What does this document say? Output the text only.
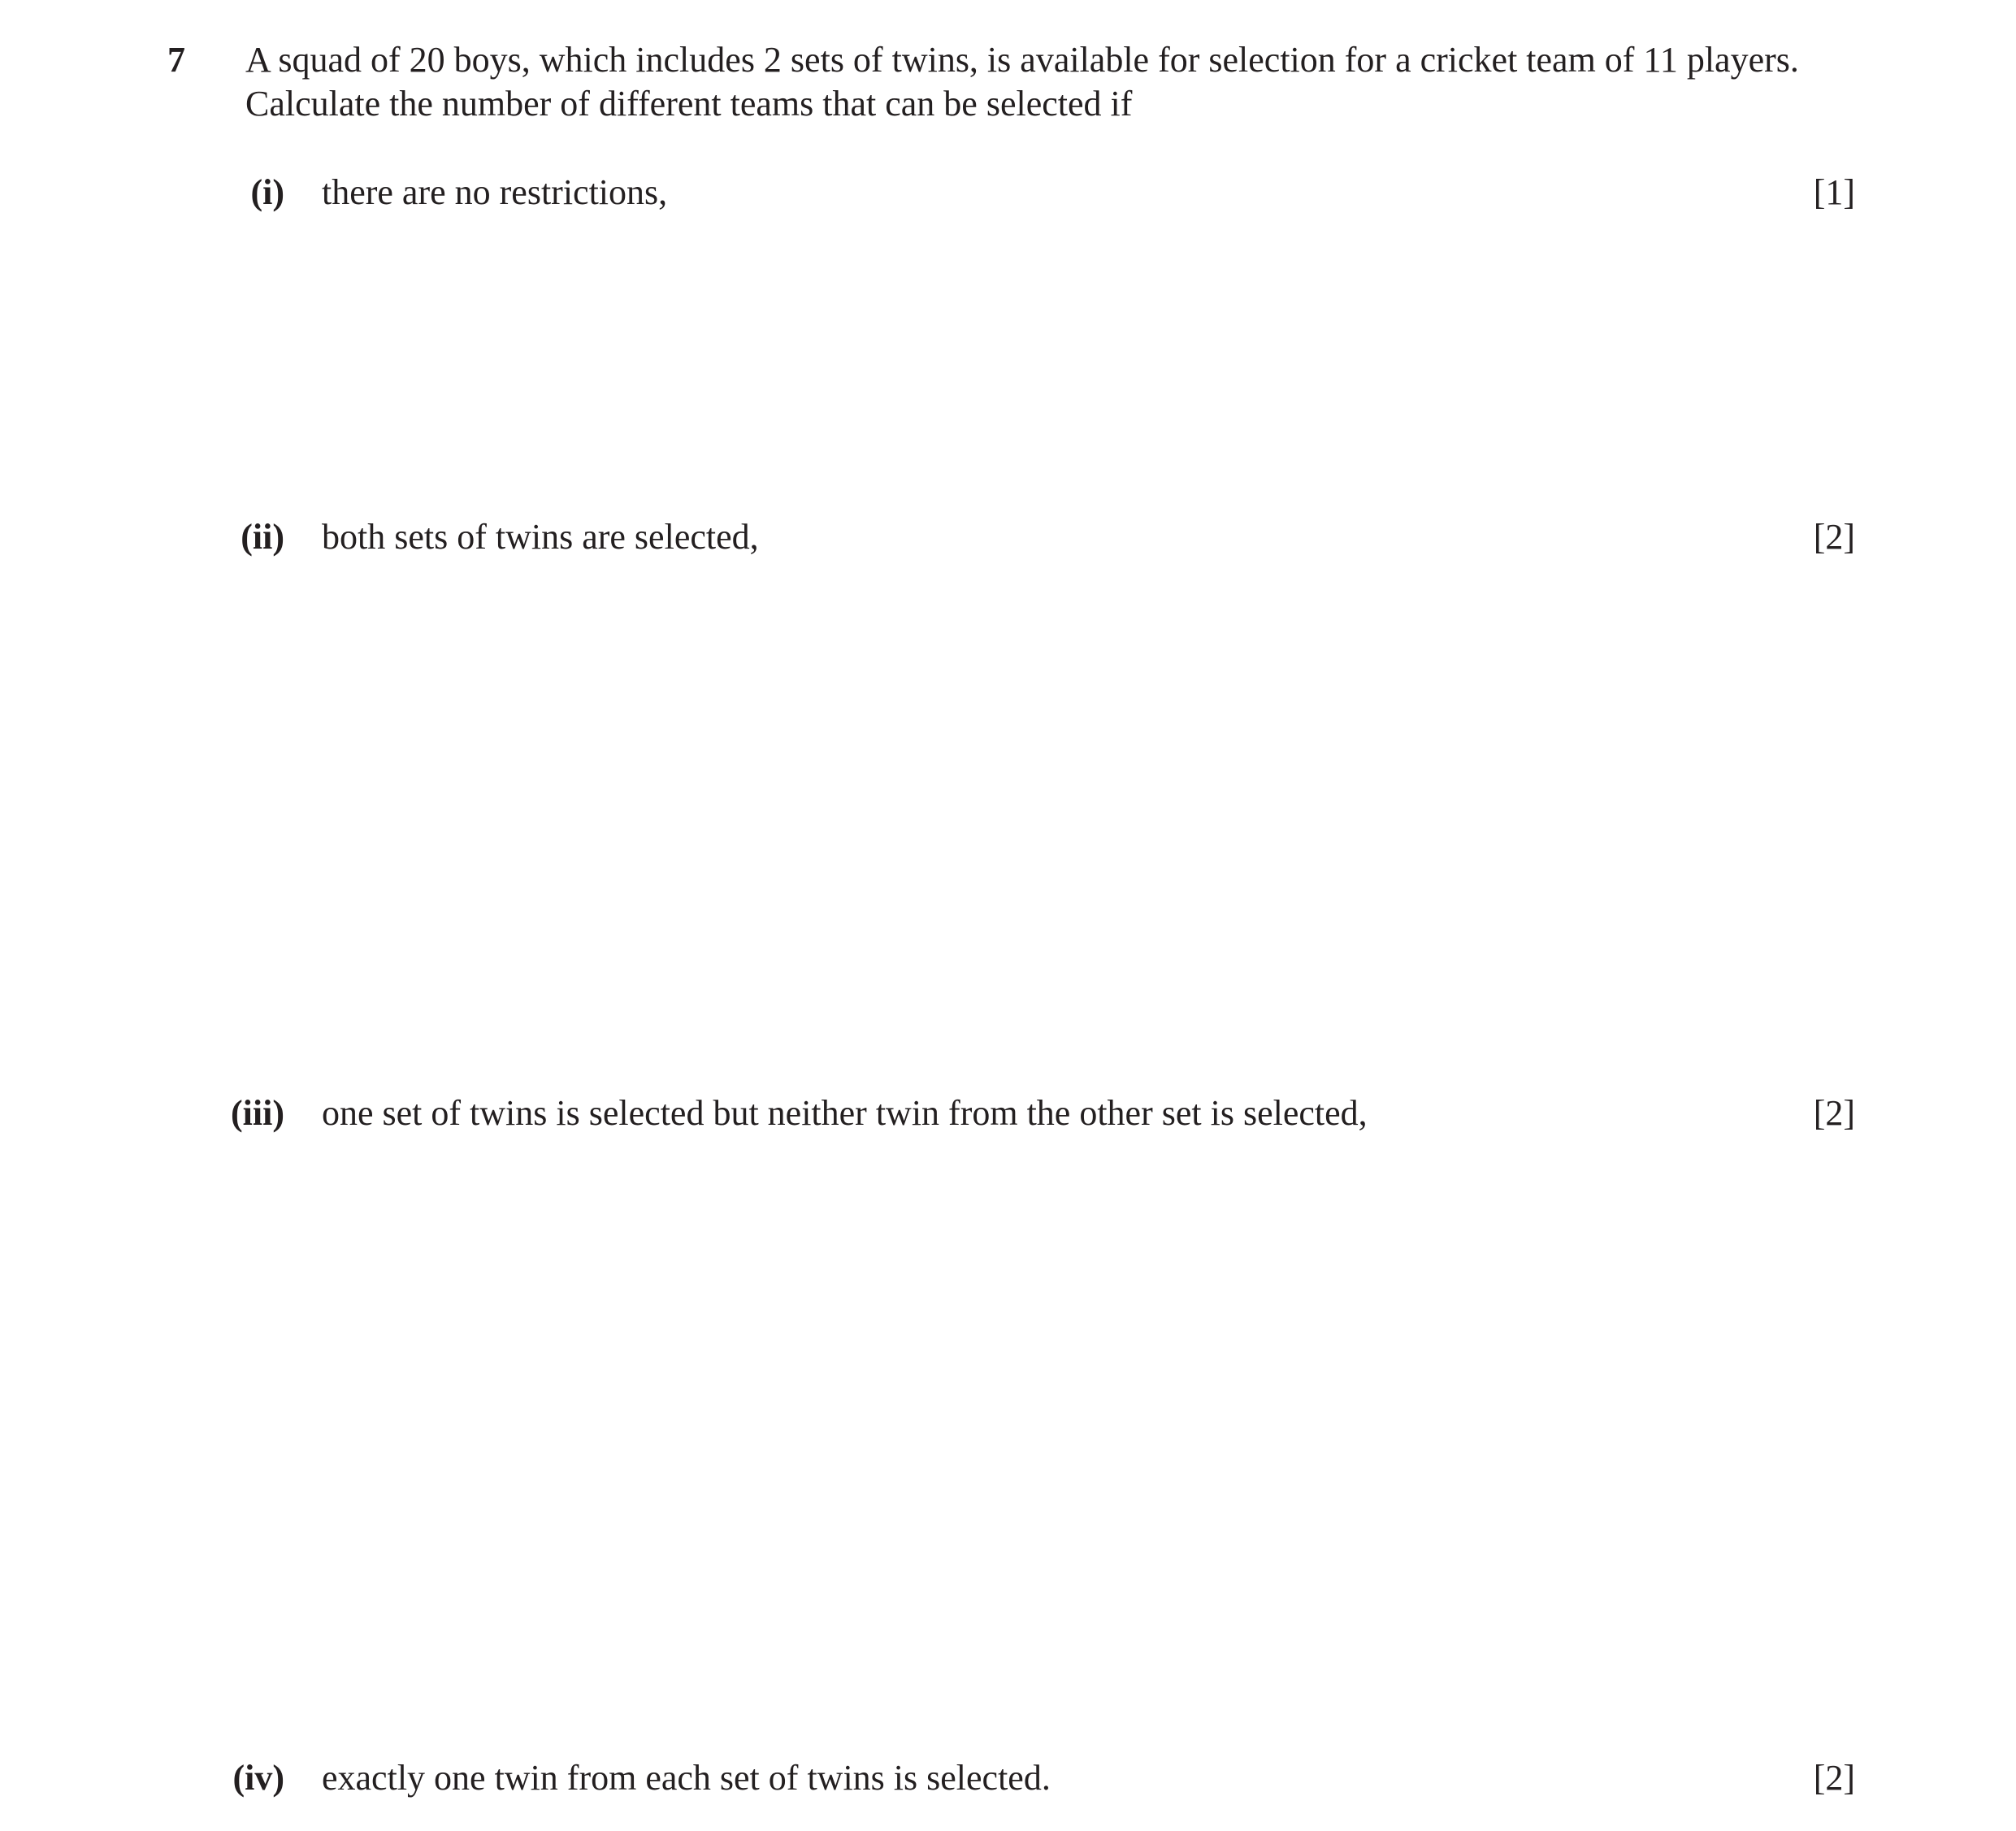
7 A squad of 20 boys, which includes 2 sets of twins, is available for selection for a cricket team of 11 players.
Calculate the number of different teams that can be selected if
(i) there are no restrictions,	[1]
(ii) both sets of twins are selected,	[2]
(iii) one set of twins is selected but neither twin from the other set is selected,	[2]
(iv) exactly one twin from each set of twins is selected.	[2]
